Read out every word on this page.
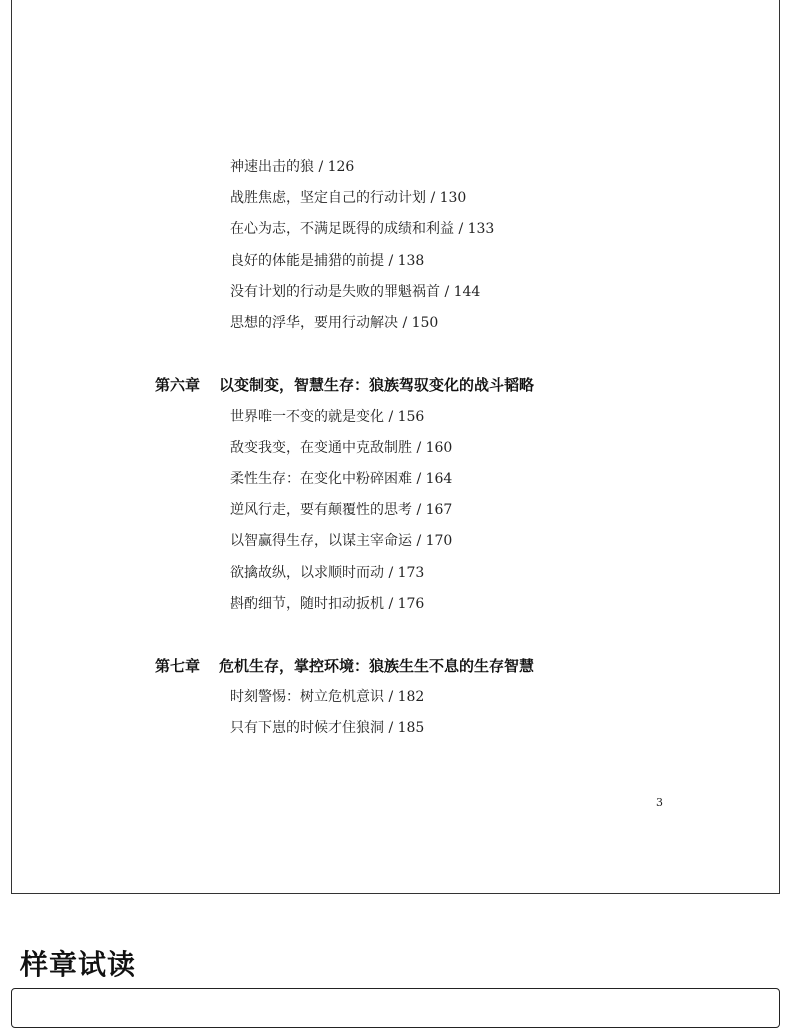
神速出击的狼 / 126
战胜焦虑，坚定自己的行动计划 / 130
在心为志，不满足既得的成绩和利益 / 133
良好的体能是捕猎的前提 / 138
没有计划的行动是失败的罪魁祸首 / 144
思想的浮华，要用行动解决 / 150
第六章 以变制变，智慧生存：狼族驾驭变化的战斗韬略
世界唯一不变的就是变化 / 156
敌变我变，在变通中克敌制胜 / 160
柔性生存：在变化中粉碎困难 / 164
逆风行走，要有颠覆性的思考 / 167
以智赢得生存，以谋主宰命运 / 170
欲擒故纵，以求顺时而动 / 173
斟酌细节，随时扣动扳机 / 176
第七章 危机生存，掌控环境：狼族生生不息的生存智慧
时刻警惕：树立危机意识 / 182
只有下崽的时候才住狼洞 / 185
3
样章试读
